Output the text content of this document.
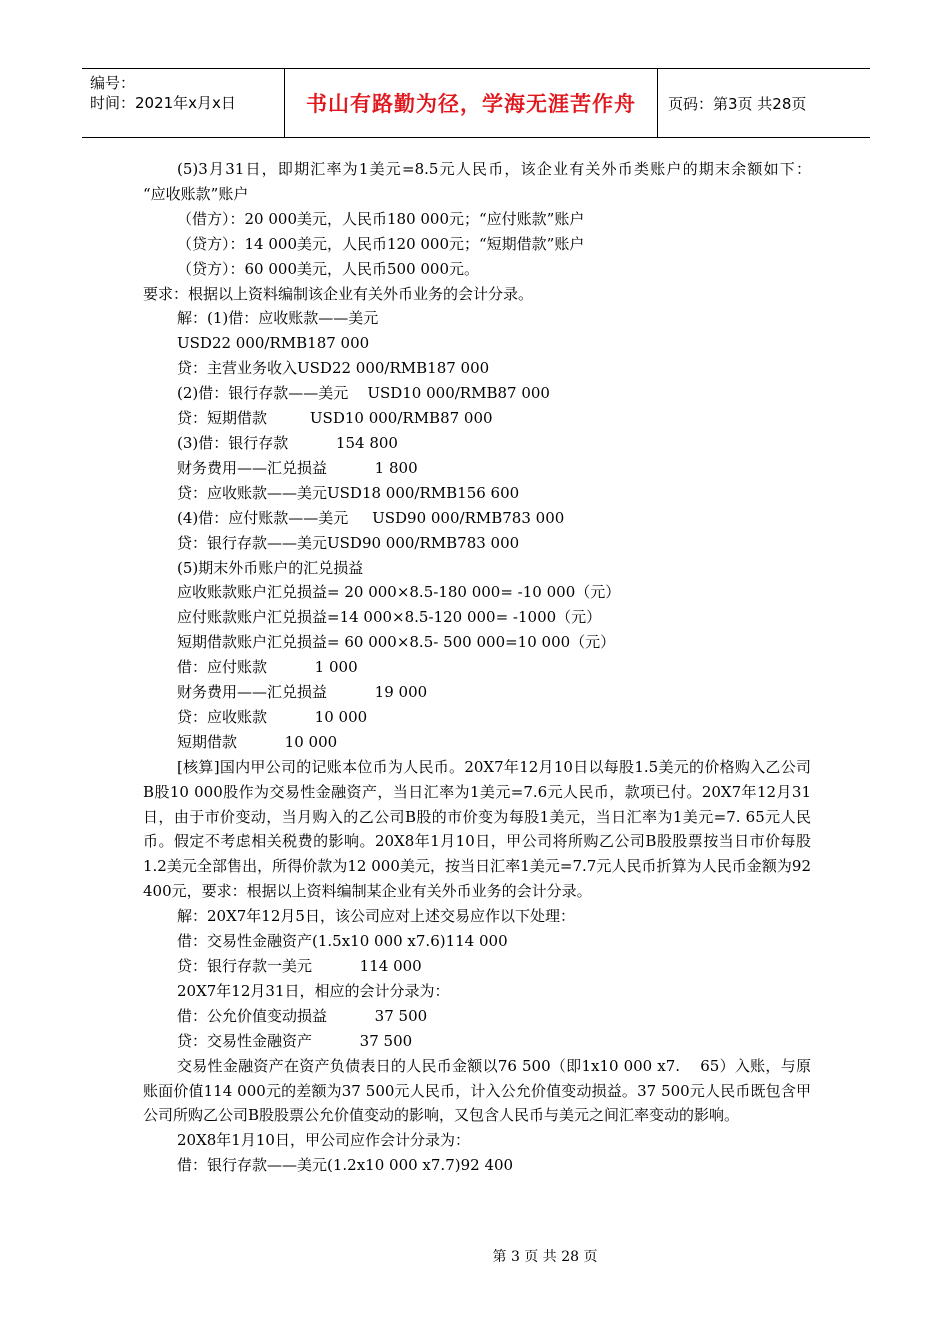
编号：
时间：2021年x月x日	书山有路勤为径，学海无涯苦作舟	页码：第3页 共28页

(5)3月31日，即期汇率为1美元=8.5元人民币，该企业有关外币类账户的期末余额如下：     “应收账款”账户

（借方）：20 000美元，人民币180 000元；“应付账款”账户

（贷方）：14 000美元，人民币120 000元；“短期借款”账户

（贷方）：60 000美元，人民币500 000元。

要求：根据以上资料编制该企业有关外币业务的会计分录。

解：(1)借：应收账款——美元

USD22 000/RMB187 000

贷：主营业务收入USD22 000/RMB187 000

(2)借：银行存款——美元    USD10 000/RMB87 000

贷：短期借款         USD10 000/RMB87 000

(3)借：银行存款          154 800

财务费用——汇兑损益          1 800

贷：应收账款——美元USD18 000/RMB156 600

(4)借：应付账款——美元     USD90 000/RMB783 000

贷：银行存款——美元USD90 000/RMB783 000

(5)期末外币账户的汇兑损益

应收账款账户汇兑损益= 20 000×8.5-180 000= -10 000（元）

应付账款账户汇兑损益=14 000×8.5-120 000= -1000（元）

短期借款账户汇兑损益= 60 000×8.5- 500 000=10 000（元）

借：应付账款          1 000

财务费用——汇兑损益          19 000

贷：应收账款          10 000

短期借款          10 000

[核算]国内甲公司的记账本位币为人民币。20X7年12月10日以每股1.5美元的价格购入乙公司B股10 000股作为交易性金融资产，当日汇率为1美元=7.6元人民币，款项已付。20X7年12月31日，由于市价变动，当月购入的乙公司B股的市价变为每股1美元，当日汇率为1美元=7. 65元人民币。假定不考虑相关税费的影响。20X8年1月10日，甲公司将所购乙公司B股股票按当日市价每股1.2美元全部售出，所得价款为12 000美元，按当日汇率1美元=7.7元人民币折算为人民币金额为92 400元，要求：根据以上资料编制某企业有关外币业务的会计分录。

解：20X7年12月5日，该公司应对上述交易应作以下处理：

借：交易性金融资产(1.5x10 000 x7.6)114 000

贷：银行存款一美元          114 000

20X7年12月31日，相应的会计分录为：

借：公允价值变动损益          37 500

贷：交易性金融资产          37 500

交易性金融资产在资产负债表日的人民币金额以76 500（即1x10 000 x7.    65）入账，与原账面价值114 000元的差额为37 500元人民币，计入公允价值变动损益。37 500元人民币既包含甲公司所购乙公司B股股票公允价值变动的影响，又包含人民币与美元之间汇率变动的影响。

20X8年1月10日，甲公司应作会计分录为：

借：银行存款——美元(1.2x10 000 x7.7)92 400

第 3 页 共 28 页
